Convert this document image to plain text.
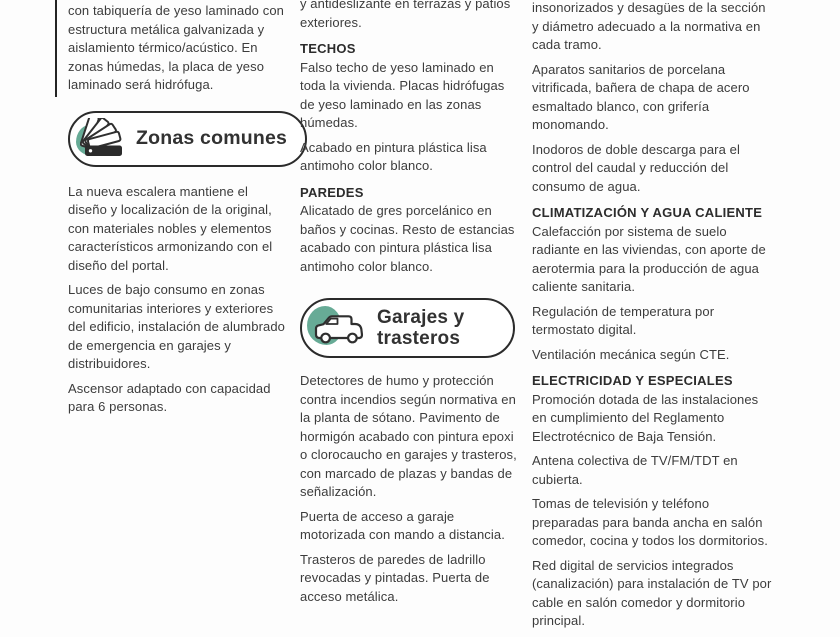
con tabiquería de yeso laminado con estructura metálica galvanizada y aislamiento térmico/acústico. En zonas húmedas, la placa de yeso laminado será hidrófuga.

Zonas comunes

La nueva escalera mantiene el diseño y localización de la original, con materiales nobles y elementos característicos armonizando con el diseño del portal.

Luces de bajo consumo en zonas comunitarias interiores y exteriores del edificio, instalación de alumbrado de emergencia en garajes y distribuidores.

Ascensor adaptado con capacidad para 6 personas.

y antideslizante en terrazas y patios exteriores.

TECHOS

Falso techo de yeso laminado en toda la vivienda. Placas hidrófugas de yeso laminado en las zonas húmedas.

Acabado en pintura plástica lisa antimoho color blanco.

PAREDES

Alicatado de gres porcelánico en baños y cocinas. Resto de estancias acabado con pintura plástica lisa antimoho color blanco.

Garajes y trasteros

Detectores de humo y protección contra incendios según normativa en la planta de sótano. Pavimento de hormigón acabado con pintura epoxi o clorocaucho en garajes y trasteros, con marcado de plazas y bandas de señalización.

Puerta de acceso a garaje motorizada con mando a distancia.

Trasteros de paredes de ladrillo revocadas y pintadas. Puerta de acceso metálica.

insonorizados y desagües de la sección y diámetro adecuado a la normativa en cada tramo.

Aparatos sanitarios de porcelana vitrificada, bañera de chapa de acero esmaltado blanco, con grifería monomando.

Inodoros de doble descarga para el control del caudal y reducción del consumo de agua.

CLIMATIZACIÓN Y AGUA CALIENTE

Calefacción por sistema de suelo radiante en las viviendas, con aporte de aerotermia para la producción de agua caliente sanitaria.

Regulación de temperatura por termostato digital.

Ventilación mecánica según CTE.

ELECTRICIDAD Y ESPECIALES

Promoción dotada de las instalaciones en cumplimiento del Reglamento Electrotécnico de Baja Tensión.

Antena colectiva de TV/FM/TDT en cubierta.

Tomas de televisión y teléfono preparadas para banda ancha en salón comedor, cocina y todos los dormitorios.

Red digital de servicios integrados (canalización) para instalación de TV por cable en salón comedor y dormitorio principal.
